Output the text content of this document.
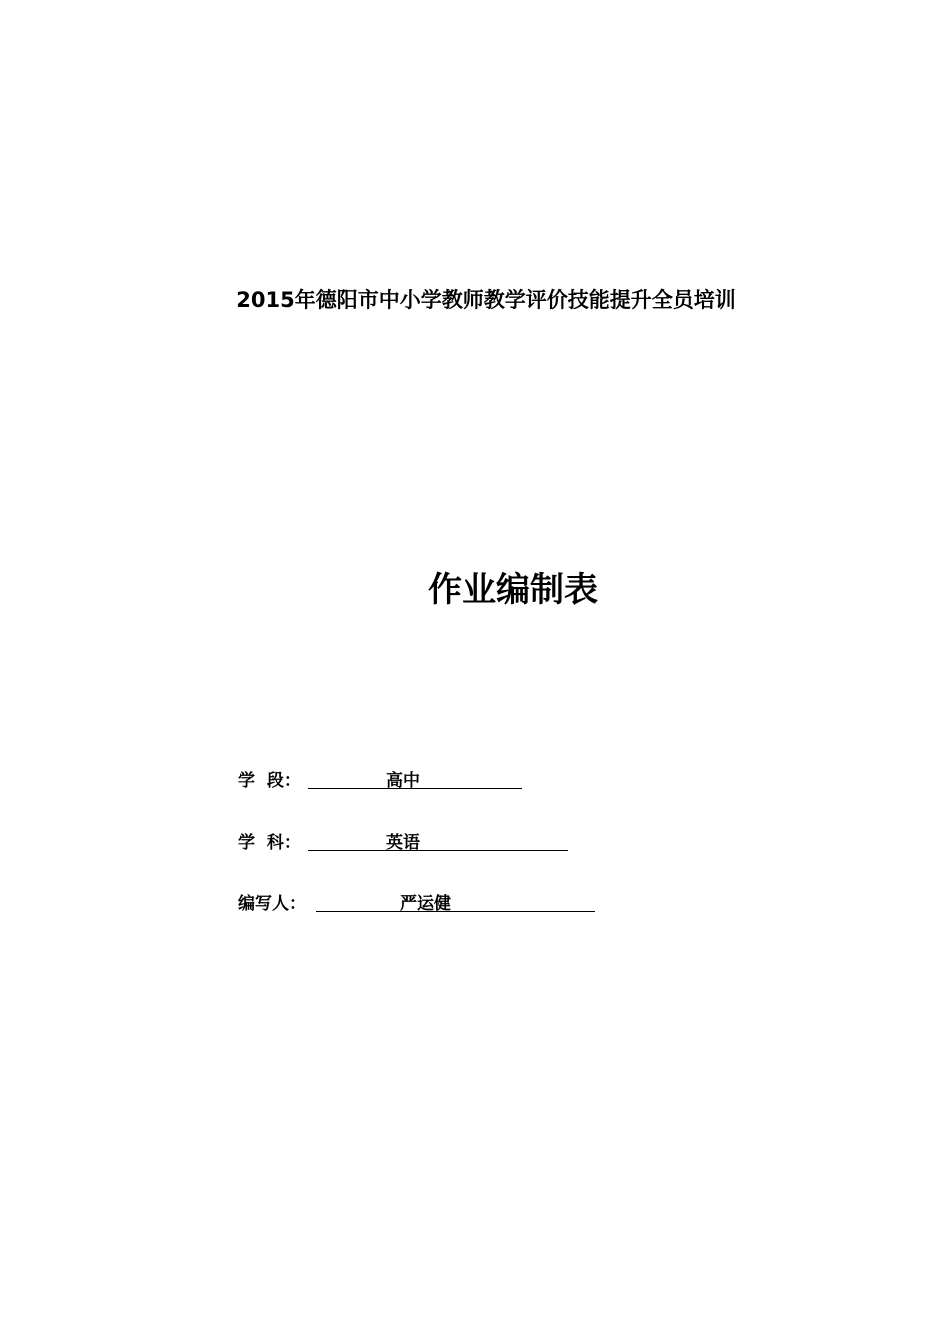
2015年德阳市中小学教师教学评价技能提升全员培训
作业编制表
学  段：	高中
学  科：	英语
编写人：	严运健
